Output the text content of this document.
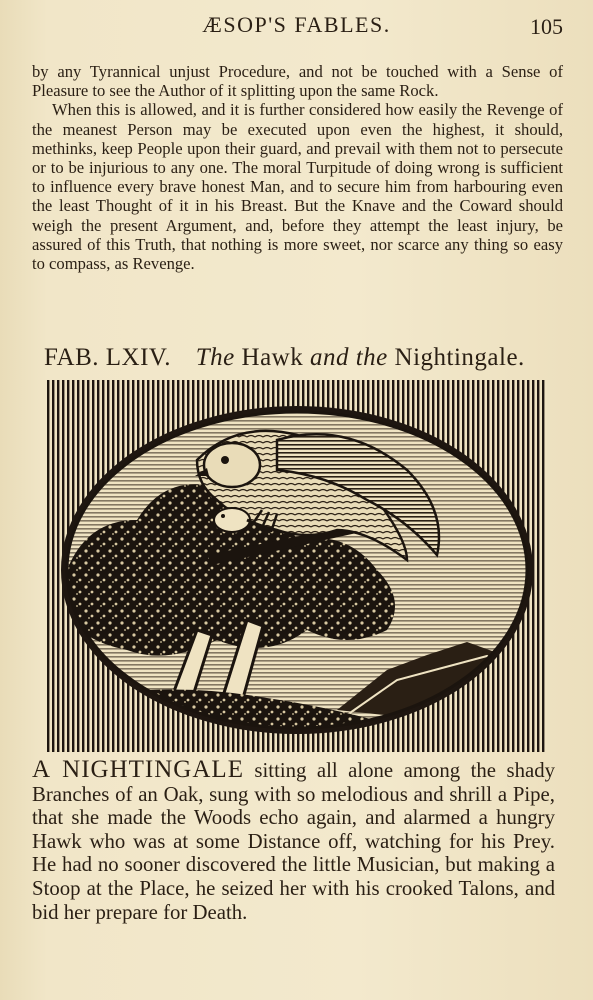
ÆSOP'S FABLES.	105

by any Tyrannical unjust Procedure, and not be touched with a Sense of Pleasure to see the Author of it splitting upon the same Rock.

When this is allowed, and it is further considered how easily the Revenge of the meanest Person may be executed upon even the highest, it should, methinks, keep People upon their guard, and prevail with them not to persecute or to be injurious to any one. The moral Turpitude of doing wrong is sufficient to influence every brave honest Man, and to secure him from harbouring even the least Thought of it in his Breast. But the Knave and the Coward should weigh the present Argument, and, before they attempt the least injury, be assured of this Truth, that nothing is more sweet, nor scarce any thing so easy to compass, as Revenge.

FAB. LXIV. The Hawk and the Nightingale.

A NIGHTINGALE sitting all alone among the shady Branches of an Oak, sung with so melodious and shrill a Pipe, that she made the Woods echo again, and alarmed a hungry Hawk who was at some Distance off, watching for his Prey. He had no sooner discovered the little Musician, but making a Stoop at the Place, he seized her with his crooked Talons, and bid her prepare for Death.
